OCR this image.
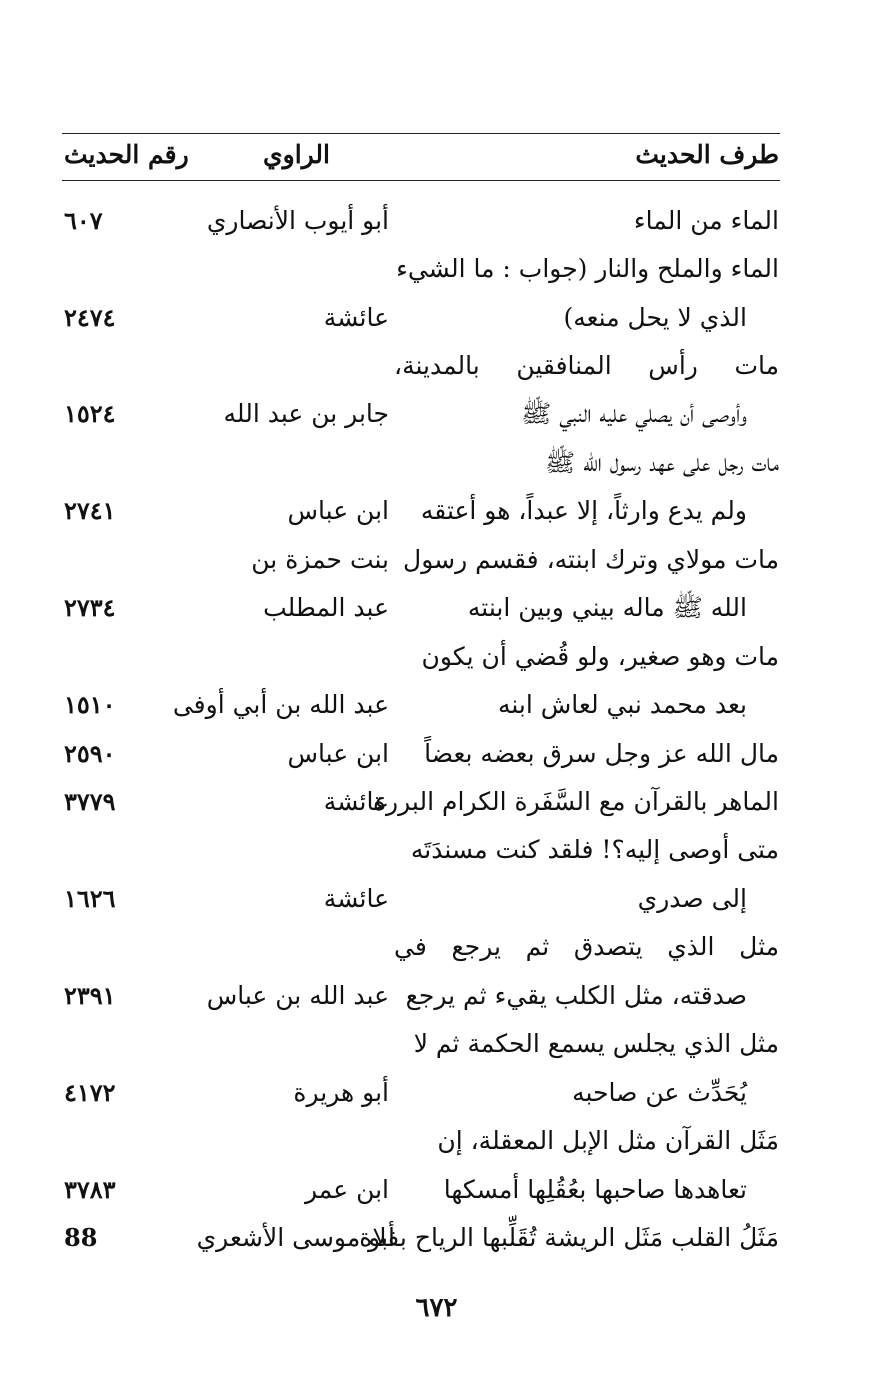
طرف الحديث
الراوي
رقم الحديث
الماء من الماء
أبو أيوب الأنصاري
٦٠٧
الماء والملح والنار (جواب : ما الشيء
الذي لا يحل منعه)
عائشة
٢٤٧٤
مات رأس المنافقين بالمدينة،
وأوصى أن يصلي عليه النبي ﷺ
جابر بن عبد الله
١٥٢٤
مات رجل على عهد رسول الله ﷺ
ولم يدع وارثاً، إلا عبداً، هو أعتقه
ابن عباس
٢٧٤١
مات مولاي وترك ابنته، فقسم رسول
بنت حمزة بن
الله ﷺ ماله بيني وبين ابنته
عبد المطلب
٢٧٣٤
مات وهو صغير، ولو قُضي أن يكون
بعد محمد نبي لعاش ابنه
عبد الله بن أبي أوفى
١٥١٠
مال الله عز وجل سرق بعضه بعضاً
ابن عباس
٢٥٩٠
الماهر بالقرآن مع السَّفَرة الكرام البررة
عائشة
٣٧٧٩
متى أوصى إليه؟! فلقد كنت مسندَتَه
إلى صدري
عائشة
١٦٢٦
مثل الذي يتصدق ثم يرجع في
صدقته، مثل الكلب يقيء ثم يرجع
عبد الله بن عباس
٢٣٩١
مثل الذي يجلس يسمع الحكمة ثم لا
يُحَدِّث عن صاحبه
أبو هريرة
٤١٧٢
مَثَل القرآن مثل الإبل المعقلة، إن
تعاهدها صاحبها بعُقُلِها أمسكها
ابن عمر
٣٧٨٣
مَثَلُ القلب مَثَل الريشة تُقَلِّبها الرياح بفلاة
أبو موسى الأشعري
88
٦٧٢
